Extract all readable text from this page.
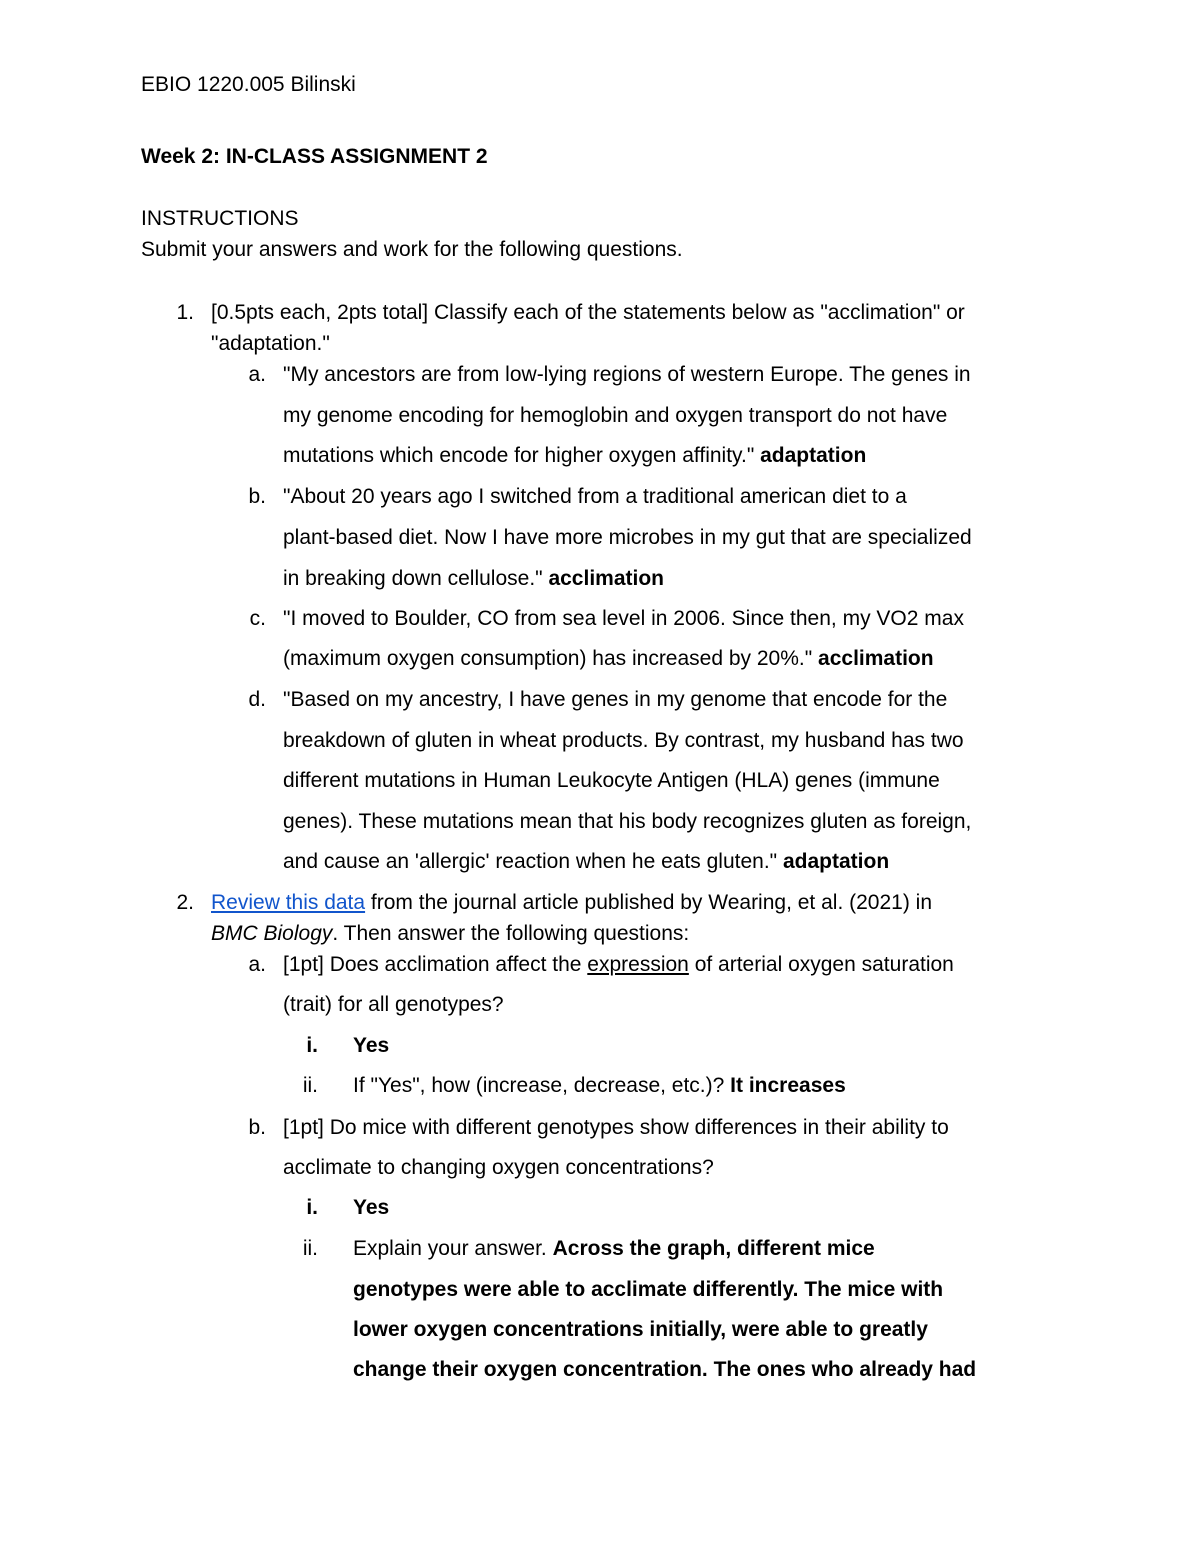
EBIO 1220.005 Bilinski
Week 2: IN-CLASS ASSIGNMENT 2
INSTRUCTIONS
Submit your answers and work for the following questions.
1. [0.5pts each, 2pts total] Classify each of the statements below as "acclimation" or
"adaptation."
a. "My ancestors are from low-lying regions of western Europe. The genes in
my genome encoding for hemoglobin and oxygen transport do not have
mutations which encode for higher oxygen affinity." adaptation
b. "About 20 years ago I switched from a traditional american diet to a
plant-based diet. Now I have more microbes in my gut that are specialized
in breaking down cellulose." acclimation
c. "I moved to Boulder, CO from sea level in 2006. Since then, my VO2 max
(maximum oxygen consumption) has increased by 20%." acclimation
d. "Based on my ancestry, I have genes in my genome that encode for the
breakdown of gluten in wheat products. By contrast, my husband has two
different mutations in Human Leukocyte Antigen (HLA) genes (immune
genes). These mutations mean that his body recognizes gluten as foreign,
and cause an 'allergic' reaction when he eats gluten." adaptation
2. Review this data from the journal article published by Wearing, et al. (2021) in
BMC Biology. Then answer the following questions:
a. [1pt] Does acclimation affect the expression of arterial oxygen saturation
(trait) for all genotypes?
i. Yes
ii. If "Yes", how (increase, decrease, etc.)? It increases
b. [1pt] Do mice with different genotypes show differences in their ability to
acclimate to changing oxygen concentrations?
i. Yes
ii. Explain your answer. Across the graph, different mice
genotypes were able to acclimate differently. The mice with
lower oxygen concentrations initially, were able to greatly
change their oxygen concentration. The ones who already had
